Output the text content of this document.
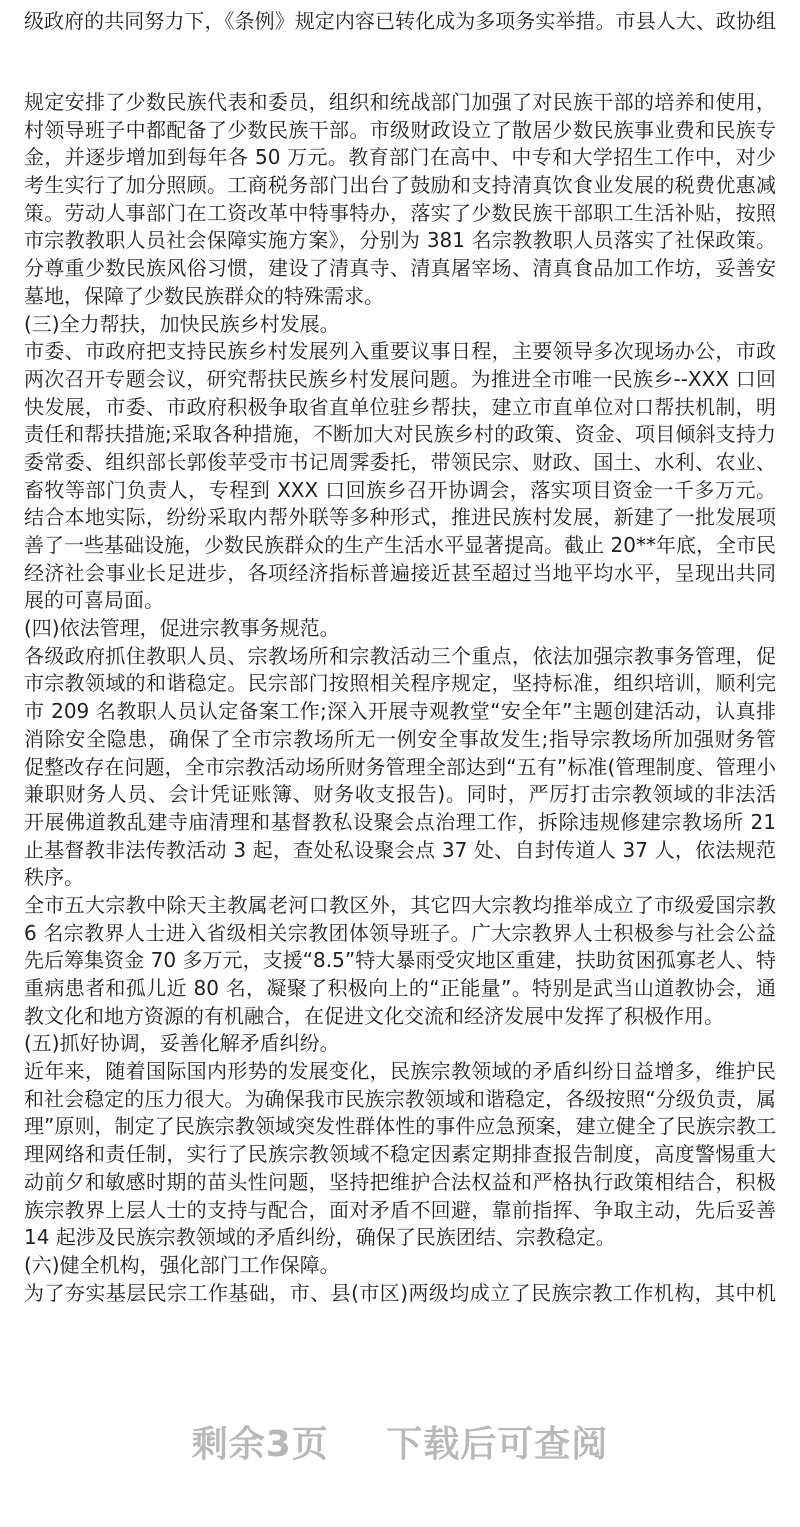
级政府的共同努力下，《条例》规定内容已转化成为多项务实举措。市县人大、政协组
规定安排了少数民族代表和委员，组织和统战部门加强了对民族干部的培养和使用，
村领导班子中都配备了少数民族干部。市级财政设立了散居少数民族事业费和民族专
金，并逐步增加到每年各 50 万元。教育部门在高中、中专和大学招生工作中，对少
考生实行了加分照顾。工商税务部门出台了鼓励和支持清真饮食业发展的税费优惠减
策。劳动人事部门在工资改革中特事特办，落实了少数民族干部职工生活补贴，按照
市宗教教职人员社会保障实施方案》，分别为 381 名宗教教职人员落实了社保政策。
分尊重少数民族风俗习惯，建设了清真寺、清真屠宰场、清真食品加工作坊，妥善安
墓地，保障了少数民族群众的特殊需求。
(三)全力帮扶，加快民族乡村发展。
市委、市政府把支持民族乡村发展列入重要议事日程，主要领导多次现场办公，市政
两次召开专题会议，研究帮扶民族乡村发展问题。为推进全市唯一民族乡--XXX 口回
快发展，市委、市政府积极争取省直单位驻乡帮扶，建立市直单位对口帮扶机制，明
责任和帮扶措施;采取各种措施，不断加大对民族乡村的政策、资金、项目倾斜支持力
委常委、组织部长郭俊苹受市书记周霁委托，带领民宗、财政、国土、水利、农业、
畜牧等部门负责人，专程到 XXX 口回族乡召开协调会，落实项目资金一千多万元。
结合本地实际，纷纷采取内帮外联等多种形式，推进民族村发展，新建了一批发展项
善了一些基础设施，少数民族群众的生产生活水平显著提高。截止 20**年底，全市民
经济社会事业长足进步，各项经济指标普遍接近甚至超过当地平均水平，呈现出共同
展的可喜局面。
(四)依法管理，促进宗教事务规范。
各级政府抓住教职人员、宗教场所和宗教活动三个重点，依法加强宗教事务管理，促
市宗教领域的和谐稳定。民宗部门按照相关程序规定，坚持标准，组织培训，顺利完
市 209 名教职人员认定备案工作;深入开展寺观教堂“安全年”主题创建活动，认真排
消除安全隐患，确保了全市宗教场所无一例安全事故发生;指导宗教场所加强财务管
促整改存在问题，全市宗教活动场所财务管理全部达到“五有”标准(管理制度、管理小
兼职财务人员、会计凭证账簿、财务收支报告)。同时，严厉打击宗教领域的非法活
开展佛道教乱建寺庙清理和基督教私设聚会点治理工作，拆除违规修建宗教场所 21
止基督教非法传教活动 3 起，查处私设聚会点 37 处、自封传道人 37 人，依法规范
秩序。
全市五大宗教中除天主教属老河口教区外，其它四大宗教均推举成立了市级爱国宗教
6 名宗教界人士进入省级相关宗教团体领导班子。广大宗教界人士积极参与社会公益
先后筹集资金 70 多万元，支援“8.5”特大暴雨受灾地区重建，扶助贫困孤寡老人、特
重病患者和孤儿近 80 名，凝聚了积极向上的“正能量”。特别是武当山道教协会，通
教文化和地方资源的有机融合，在促进文化交流和经济发展中发挥了积极作用。
(五)抓好协调，妥善化解矛盾纠纷。
近年来，随着国际国内形势的发展变化，民族宗教领域的矛盾纠纷日益增多，维护民
和社会稳定的压力很大。为确保我市民族宗教领域和谐稳定，各级按照“分级负责，属
理”原则，制定了民族宗教领域突发性群体性的事件应急预案，建立健全了民族宗教工
理网络和责任制，实行了民族宗教领域不稳定因素定期排查报告制度，高度警惕重大
动前夕和敏感时期的苗头性问题，坚持把维护合法权益和严格执行政策相结合，积极
族宗教界上层人士的支持与配合，面对矛盾不回避，靠前指挥、争取主动，先后妥善
14 起涉及民族宗教领域的矛盾纠纷，确保了民族团结、宗教稳定。
(六)健全机构，强化部门工作保障。
为了夯实基层民宗工作基础，市、县(市区)两级均成立了民族宗教工作机构，其中机
剩余3页 下载后可查阅
